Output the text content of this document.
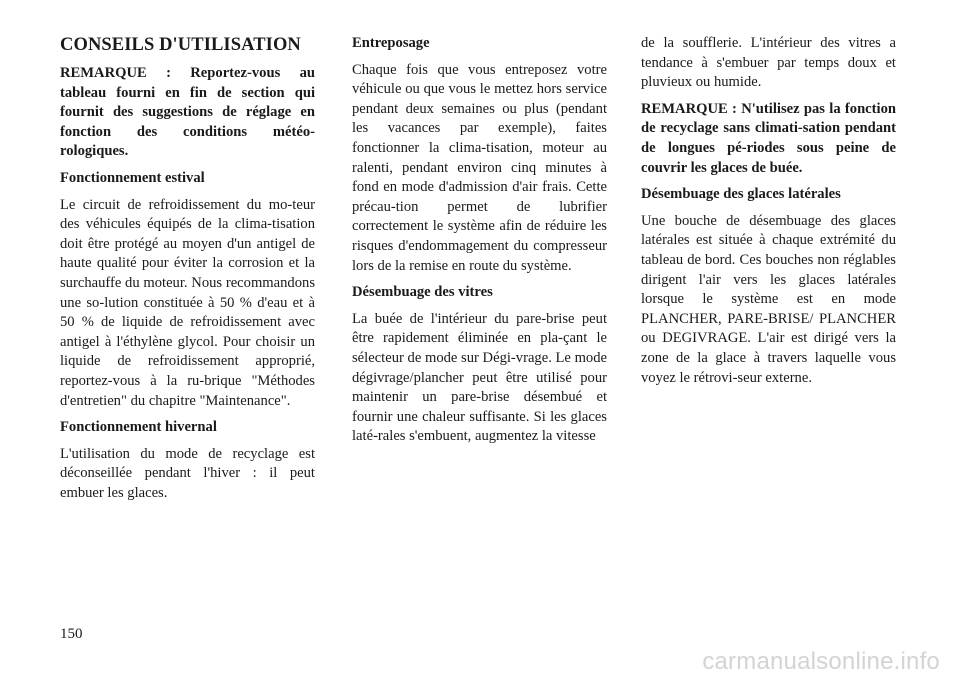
CONSEILS D'UTILISATION

REMARQUE : Reportez-vous au tableau fourni en fin de section qui fournit des suggestions de réglage en fonction des conditions météo-rologiques.

Fonctionnement estival

Le circuit de refroidissement du mo-teur des véhicules équipés de la clima-tisation doit être protégé au moyen d'un antigel de haute qualité pour éviter la corrosion et la surchauffe du moteur. Nous recommandons une so-lution constituée à 50 % d'eau et à 50 % de liquide de refroidissement avec antigel à l'éthylène glycol. Pour choisir un liquide de refroidissement approprié, reportez-vous à la ru-brique "Méthodes d'entretien" du chapitre "Maintenance".

Fonctionnement hivernal

L'utilisation du mode de recyclage est déconseillée pendant l'hiver : il peut embuer les glaces.

Entreposage

Chaque fois que vous entreposez votre véhicule ou que vous le mettez hors service pendant deux semaines ou plus (pendant les vacances par exemple), faites fonctionner la clima-tisation, moteur au ralenti, pendant environ cinq minutes à fond en mode d'admission d'air frais. Cette précau-tion permet de lubrifier correctement le système afin de réduire les risques d'endommagement du compresseur lors de la remise en route du système.

Désembuage des vitres

La buée de l'intérieur du pare-brise peut être rapidement éliminée en pla-çant le sélecteur de mode sur Dégi-vrage. Le mode dégivrage/plancher peut être utilisé pour maintenir un pare-brise désembué et fournir une chaleur suffisante. Si les glaces laté-rales s'embuent, augmentez la vitesse

de la soufflerie. L'intérieur des vitres a tendance à s'embuer par temps doux et pluvieux ou humide.

REMARQUE : N'utilisez pas la fonction de recyclage sans climati-sation pendant de longues pé-riodes sous peine de couvrir les glaces de buée.

Désembuage des glaces latérales

Une bouche de désembuage des glaces latérales est située à chaque extrémité du tableau de bord. Ces bouches non réglables dirigent l'air vers les glaces latérales lorsque le système est en mode PLANCHER, PARE-BRISE/ PLANCHER ou DEGIVRAGE. L'air est dirigé vers la zone de la glace à travers laquelle vous voyez le rétrovi-seur externe.

150
carmanualsonline.info
